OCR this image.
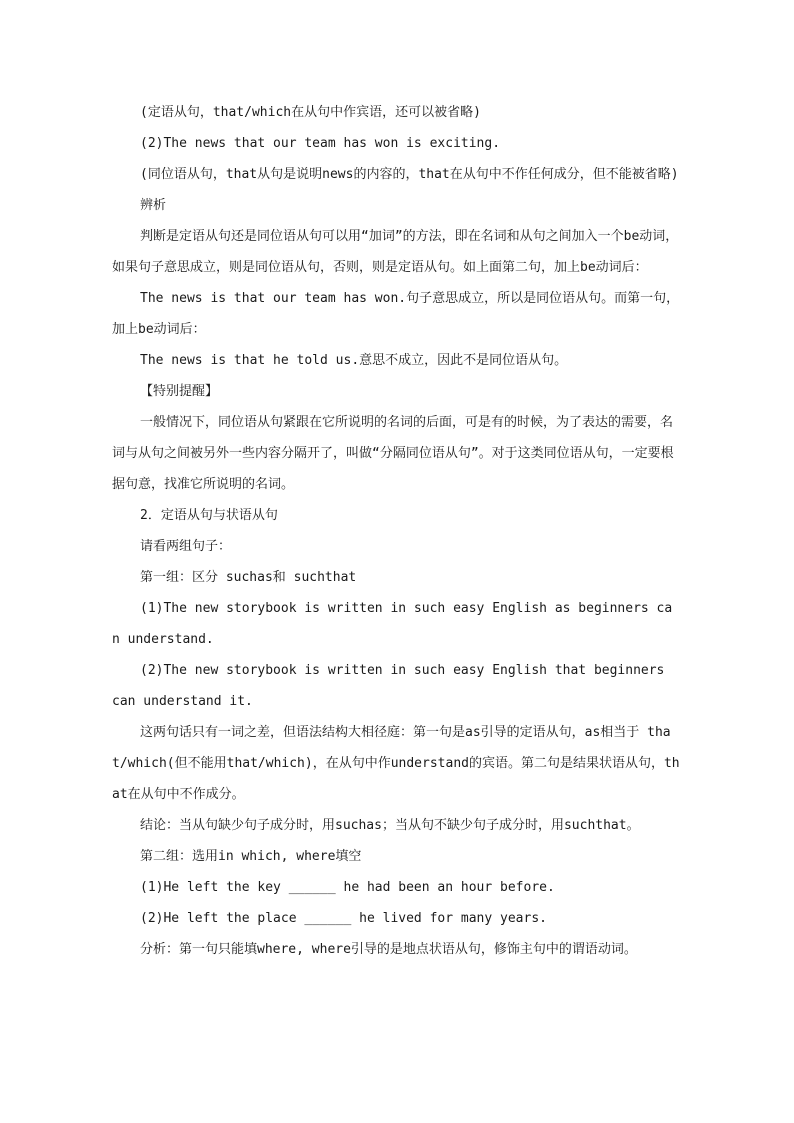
(定语从句，that/which在从句中作宾语，还可以被省略)

(2)The news that our team has won is exciting.

(同位语从句，that从句是说明news的内容的，that在从句中不作任何成分，但不能被省略)

辨析

判断是定语从句还是同位语从句可以用“加词”的方法，即在名词和从句之间加入一个be动词，如果句子意思成立，则是同位语从句，否则，则是定语从句。如上面第二句，加上be动词后：

The news is that our team has won.句子意思成立，所以是同位语从句。而第一句，加上be动词后：

The news is that he told us.意思不成立，因此不是同位语从句。

【特别提醒】

一般情况下，同位语从句紧跟在它所说明的名词的后面，可是有的时候，为了表达的需要，名词与从句之间被另外一些内容分隔开了，叫做“分隔同位语从句”。对于这类同位语从句，一定要根据句意，找准它所说明的名词。

2．定语从句与状语从句

请看两组句子：

第一组：区分 suchas和 suchthat

(1)The new storybook is written in such easy English as beginners can understand.

(2)The new storybook is written in such easy English that beginners can understand it.

这两句话只有一词之差，但语法结构大相径庭：第一句是as引导的定语从句，as相当于 that/which(但不能用that/which)，在从句中作understand的宾语。第二句是结果状语从句，that在从句中不作成分。

结论：当从句缺少句子成分时，用suchas；当从句不缺少句子成分时，用suchthat。

第二组：选用in which, where填空

(1)He left the key ______ he had been an hour before.

(2)He left the place ______ he lived for many years.

分析：第一句只能填where, where引导的是地点状语从句，修饰主句中的谓语动词。
